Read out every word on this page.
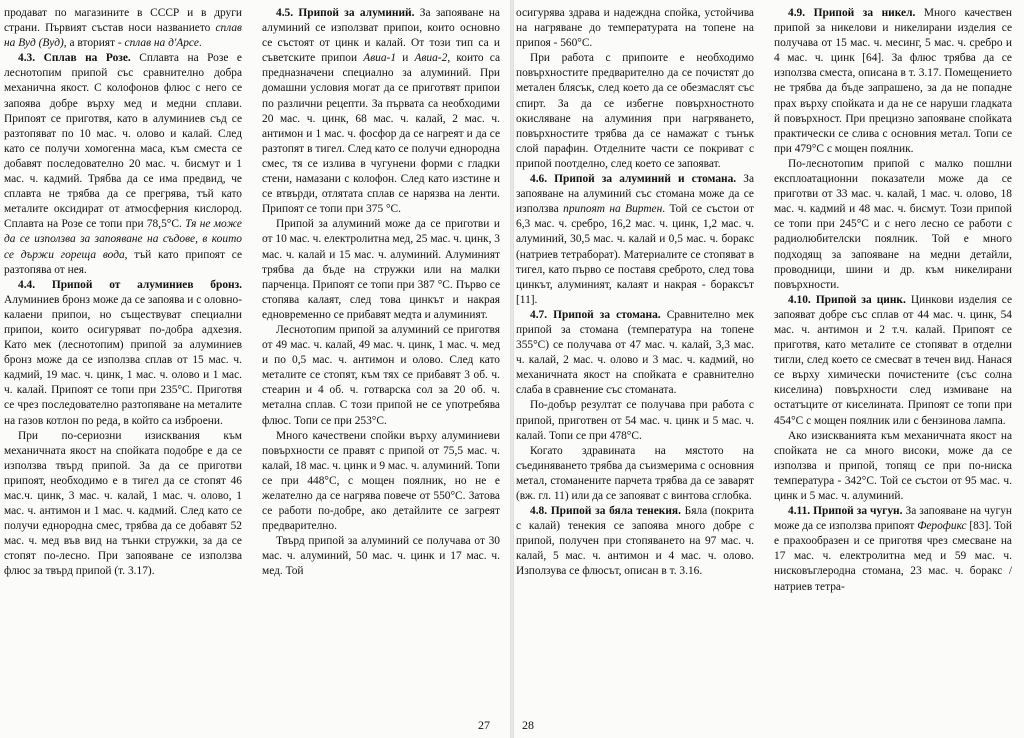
продават по магазините в СССР и в други страни. Първият състав носи названието сплав на Вуд (Вуд), а вторият - сплав на д'Арсе.

4.3. Сплав на Розе. Сплавта на Розе е леснотопим припой със сравнително добра механична якост. С колофонов флюс с него се запоява добре върху мед и медни сплави. Припоят се приготвя, като в алуминиев съд се разтопяват по 10 мас. ч. олово и калай. След като се получи хомогенна маса, към сместа се добавят последователно 20 мас. ч. бисмут и 1 мас. ч. кадмий. Трябва да се има предвид, че сплавта не трябва да се прегрява, тъй като металите оксидират от атмосферния кислород. Сплавта на Розе се топи при 78,5°С. Тя не може да се използва за запояване на съдове, в които се държи гореща вода, тъй като припоят се разтопява от нея.

4.4. Припой от алуминиев бронз. Алуминиев бронз може да се запоява и с оловно-калаени припои, но съществуват специални припои, които осигуряват по-добра адхезия. Като мек (леснотопим) припой за алуминиев бронз може да се използва сплав от 15 мас. ч. кадмий, 19 мас. ч. цинк, 1 мас. ч. олово и 1 мас. ч. калай. Припоят се топи при 235°С. Приготвя се чрез последователно разтопяване на металите на газов котлон по реда, в който са изброени.

При по-сериозни изисквания към механичната якост на спойката подобре е да се използва твърд припой. За да се приготви припоят, необходимо е в тигел да се стопят 46 мас.ч. цинк, 3 мас. ч. калай, 1 мас. ч. олово, 1 мас. ч. антимон и 1 мас. ч. кадмий. След като се получи еднородна смес, трябва да се добавят 52 мас. ч. мед във вид на тънки стружки, за да се стопят по-лесно. При запояване се използва флюс за твърд припой (т. 3.17).

4.5. Припой за алуминий. За запояване на алуминий се използват припои, които основно се състоят от цинк и калай. От този тип са и съветските припои Авиа-1 и Авиа-2, които са предназначени специално за алуминий. При домашни условия могат да се приготвят припои по различни рецепти. За първата са необходими 20 мас. ч. цинк, 68 мас. ч. калай, 2 мас. ч. антимон и 1 мас. ч. фосфор да се нагреят и да се разтопят в тигел. След като се получи еднородна смес, тя се излива в чугунени форми с гладки стени, намазани с колофон. След като изстине и се втвърди, отлятата сплав се нарязва на ленти. Припоят се топи при 375 °С.

Припой за алуминий може да се приготви и от 10 мас. ч. електролитна мед, 25 мас. ч. цинк, 3 мас. ч. калай и 15 мас. ч. алуминий. Алуминият трябва да бъде на стружки или на малки парченца. Припоят се топи при 387 °С. Първо се стопява калаят, след това цинкът и накрая едновременно се прибавят медта и алуминият.

Леснотопим припой за алуминий се приготвя от 49 мас. ч. калай, 49 мас. ч. цинк, 1 мас. ч. мед и по 0,5 мас. ч. антимон и олово. След като металите се стопят, към тях се прибавят 3 об. ч. стеарин и 4 об. ч. готварска сол за 20 об. ч. метална сплав. С този припой не се употребява флюс. Топи се при 253°С.

Много качествени спойки върху алуминиеви повърхности се правят с припой от 75,5 мас. ч. калай, 18 мас. ч. цинк и 9 мас. ч. алуминий. Топи се при 448°С, с мощен поялник, но не е желателно да се нагрява повече от 550°С. Затова се работи по-добре, ако детайлите се загреят предварително.

Твърд припой за алуминий се получава от 30 мас. ч. алуминий, 50 мас. ч. цинк и 17 мас. ч. мед. Той

осигурява здрава и надеждна спойка, устойчива на нагряване до температурата на топене на припоя - 560°С.

При работа с припоите е необходимо повърхностите предварително да се почистят до метален блясък, след което да се обезмаслят със спирт. За да се избегне повърхностното окисляване на алуминия при нагряването, повърхностите трябва да се намажат с тънък слой парафин. Отделните части се покриват с припой поотделно, след което се запояват.

4.6. Припой за алуминий и стомана. За запояване на алуминий със стомана може да се използва припоят на Виртен. Той се състои от 6,3 мас. ч. сребро, 16,2 мас. ч. цинк, 1,2 мас. ч. алуминий, 30,5 мас. ч. калай и 0,5 мас. ч. боракс (натриев тетраборат). Материалите се стопяват в тигел, като първо се поставя среброто, след това цинкът, алуминият, калаят и накрая - бораксът [11].

4.7. Припой за стомана. Сравнително мек припой за стомана (температура на топене 355°С) се получава от 47 мас. ч. калай, 3,3 мас. ч. калай, 2 мас. ч. олово и 3 мас. ч. кадмий, но механичната якост на спойката е сравнително слаба в сравнение със стоманата.

По-добър резултат се получава при работа с припой, приготвен от 54 мас. ч. цинк и 5 мас. ч. калай. Топи се при 478°С.

Когато здравината на мястото на съединяването трябва да съизмерима с основния метал, стоманените парчета трябва да се заварят (вж. гл. 11) или да се запояват с винтова сглобка.

4.8. Припой за бяла тенекия. Бяла (покрита с калай) тенекия се запоява много добре с припой, получен при стопяването на 97 мас. ч. калай, 5 мас. ч. антимон и 4 мас. ч. олово. Използува се флюсът, описан в т. 3.16.

4.9. Припой за никел. Много качествен припой за никелови и никелирани изделия се получава от 15 мас. ч. месинг, 5 мас. ч. сребро и 4 мас. ч. цинк [64]. За флюс трябва да се използва сместа, описана в т. 3.17. Помещението не трябва да бъде запрашено, за да не попадне прах върху спойката и да не се наруши гладката й повърхност. При прецизно запояване спойката практически се слива с основния метал. Топи се при 479°С с мощен поялник.

По-леснотопим припой с малко пошлни експлоатационни показатели може да се приготви от 33 мас. ч. калай, 1 мас. ч. олово, 18 мас. ч. кадмий и 48 мас. ч. бисмут. Този припой се топи при 245°С и с него лесно се работи с радиолюбителски поялник. Той е много подходящ за запояване на медни детайли, проводници, шини и др. към никелирани повърхности.

4.10. Припой за цинк. Цинкови изделия се запояват добре със сплав от 44 мас. ч. цинк, 54 мас. ч. антимон и 2 т.ч. калай. Припоят се приготвя, като металите се стопяват в отделни тигли, след което се смесват в течен вид. Нанася се върху химически почистените (със солна киселина) повърхности след измиване на остатъците от киселината. Припоят се топи при 454°С с мощен поялник или с бензинова лампа.

Ако изискванията към механичната якост на спойката не са много високи, може да се използва и припой, топящ се при по-ниска температура - 342°С. Той се състои от 95 мас. ч. цинк и 5 мас. ч. алуминий.

4.11. Припой за чугун. За запояване на чугун може да се използва припоят Ферофикс [83]. Той е прахообразен и се приготвя чрез смесване на 17 мас. ч. електролитна мед и 59 мас. ч. нисковъглеродна стомана, 23 мас. ч. боракс /натриев тетра-

27	28
